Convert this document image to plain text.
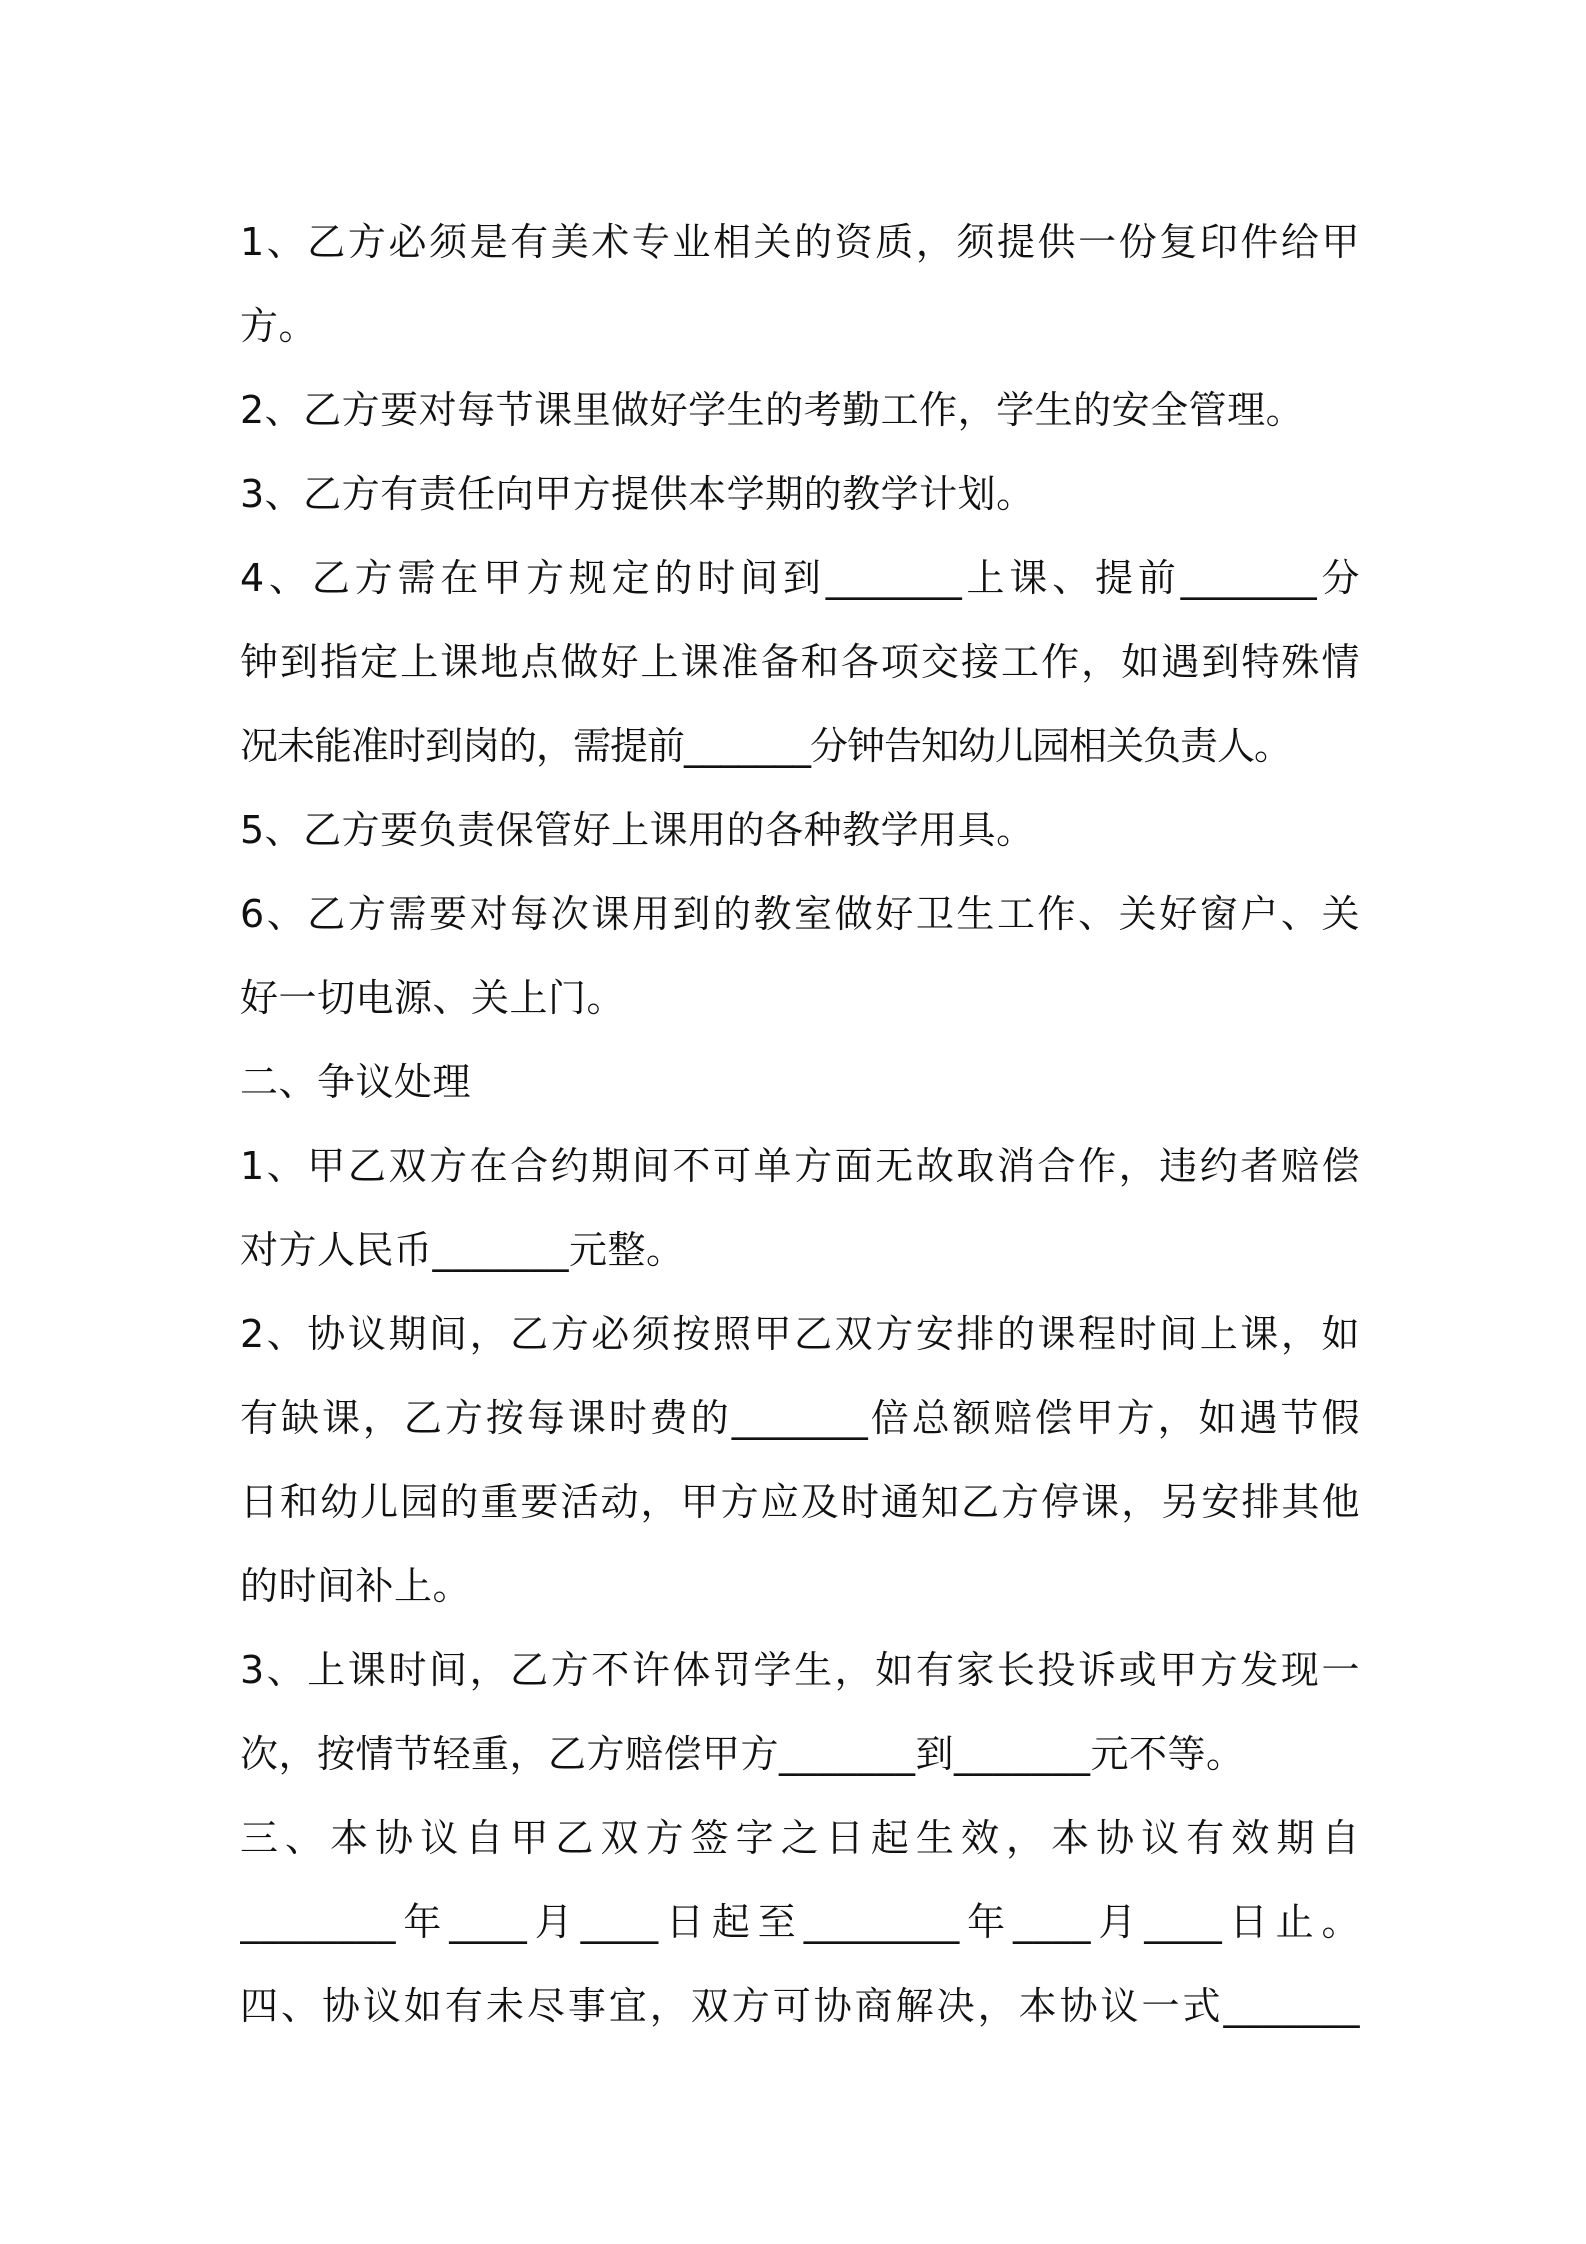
1、乙方必须是有美术专业相关的资质，须提供一份复印件给甲
方。
2、乙方要对每节课里做好学生的考勤工作，学生的安全管理。
3、乙方有责任向甲方提供本学期的教学计划。
4、乙方需在甲方规定的时间到_______上课、提前_______分
钟到指定上课地点做好上课准备和各项交接工作，如遇到特殊情
况未能准时到岗的，需提前_______分钟告知幼儿园相关负责人。
5、乙方要负责保管好上课用的各种教学用具。
6、乙方需要对每次课用到的教室做好卫生工作、关好窗户、关
好一切电源、关上门。
二、争议处理
1、甲乙双方在合约期间不可单方面无故取消合作，违约者赔偿
对方人民币_______元整。
2、协议期间，乙方必须按照甲乙双方安排的课程时间上课，如
有缺课，乙方按每课时费的_______倍总额赔偿甲方，如遇节假
日和幼儿园的重要活动，甲方应及时通知乙方停课，另安排其他
的时间补上。
3、上课时间，乙方不许体罚学生，如有家长投诉或甲方发现一
次，按情节轻重，乙方赔偿甲方_______到_______元不等。
三、本协议自甲乙双方签字之日起生效，本协议有效期自
________年____月____日起至________年____月____日止。
四、协议如有未尽事宜，双方可协商解决，本协议一式_______
